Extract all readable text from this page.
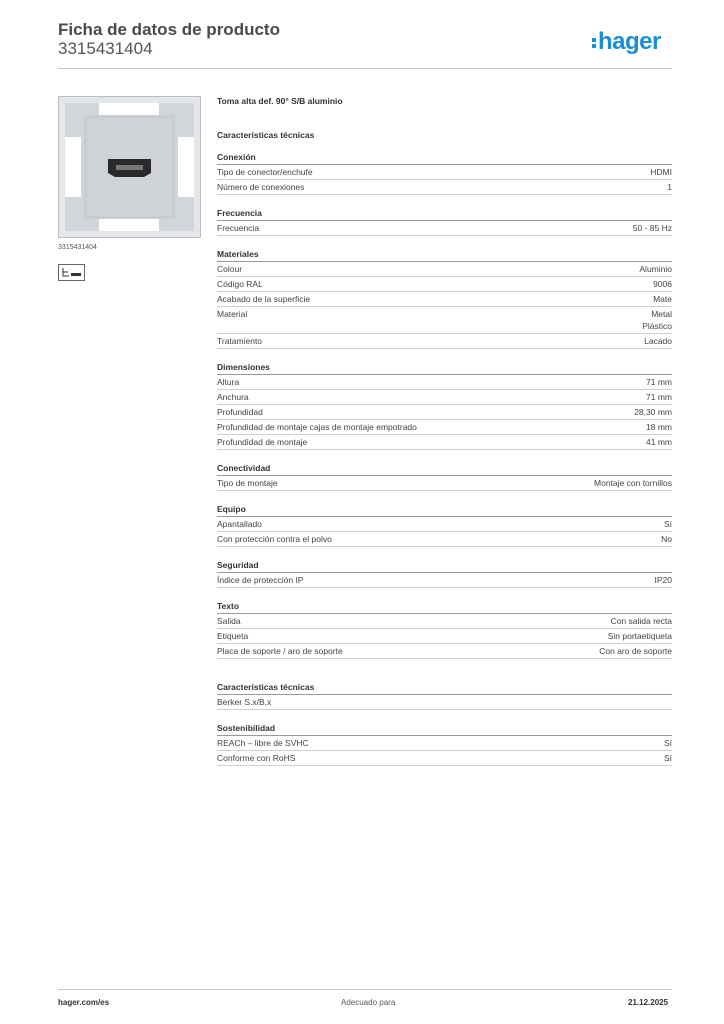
Ficha de datos de producto
3315431404	hager
3315431404
Toma alta def. 90° S/B aluminio
Características técnicas
Conexión
Tipo de conector/enchufe	HDMI
Número de conexiones	1
Frecuencia
Frecuencia	50 - 85 Hz
Materiales
Colour	Aluminio
Código RAL	9006
Acabado de la superficie	Mate
Material	Metal
Plástico
Tratamiento	Lacado
Dimensiones
Altura	71 mm
Anchura	71 mm
Profundidad	28,30 mm
Profundidad de montaje cajas de montaje empotrado	18 mm
Profundidad de montaje	41 mm
Conectividad
Tipo de montaje	Montaje con tornillos
Equipo
Apantallado	Sí
Con protección contra el polvo	No
Seguridad
Índice de protección IP	IP20
Texto
Salida	Con salida recta
Etiqueta	Sin portaetiqueta
Placa de soporte / aro de soporte	Con aro de soporte
Características técnicas
Berker S.x/B.x
Sostenibilidad
REACh – libre de SVHC	Sí
Conforme con RoHS	Sí
hager.com/es	Adecuado para	21.12.2025
